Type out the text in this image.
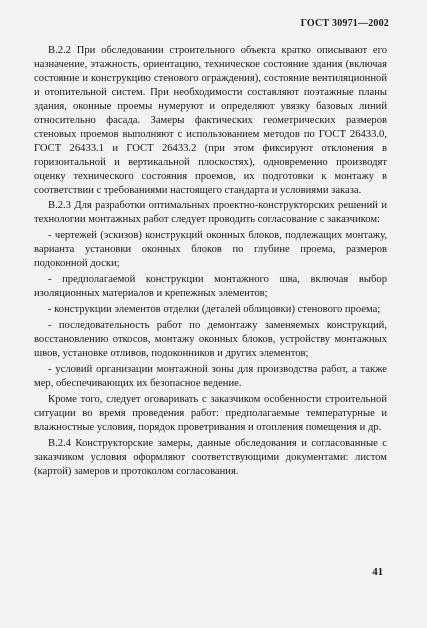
ГОСТ 30971—2002

В.2.2 При обследовании строительного объекта кратко описывают его назначение, этажность, ориентацию, техническое состояние здания (включая состояние и конструкцию стенового ограждения), состояние вентиляционной и отопительной систем. При необходимости составляют поэтажные планы здания, оконные проемы нумеруют и определяют увязку базовых линий относительно фасада. Замеры фактических геометрических размеров стеновых проемов выполняют с использованием методов по ГОСТ 26433.0, ГОСТ 26433.1 и ГОСТ 26433.2 (при этом фиксируют отклонения в горизонтальной и вертикальной плоскостях), одновременно производят оценку технического состояния проемов, их подготовки к монтажу в соответствии с требованиями настоящего стандарта и условиями заказа.

В.2.3 Для разработки оптимальных проектно-конструкторских решений и технологии монтажных работ следует проводить согласование с заказчиком:

- чертежей (эскизов) конструкций оконных блоков, подлежащих монтажу, варианта установки оконных блоков по глубине проема, размеров подоконной доски;

- предполагаемой конструкции монтажного шва, включая выбор изоляционных материалов и крепежных элементов;

- конструкции элементов отделки (деталей облицовки) стенового проема;

- последовательность работ по демонтажу заменяемых конструкций, восстановлению откосов, монтажу оконных блоков, устройству монтажных швов, установке отливов, подоконников и других элементов;

- условий организации монтажной зоны для производства работ, а также мер, обеспечивающих их безопасное ведение.

Кроме того, следует оговаривать с заказчиком особенности строительной ситуации во время проведения работ: предполагаемые температурные и влажностные условия, порядок проветривания и отопления помещения и др.

В.2.4 Конструкторские замеры, данные обследования и согласованные с заказчиком условия оформляют соответствующими документами: листом (картой) замеров и протоколом согласования.

41
